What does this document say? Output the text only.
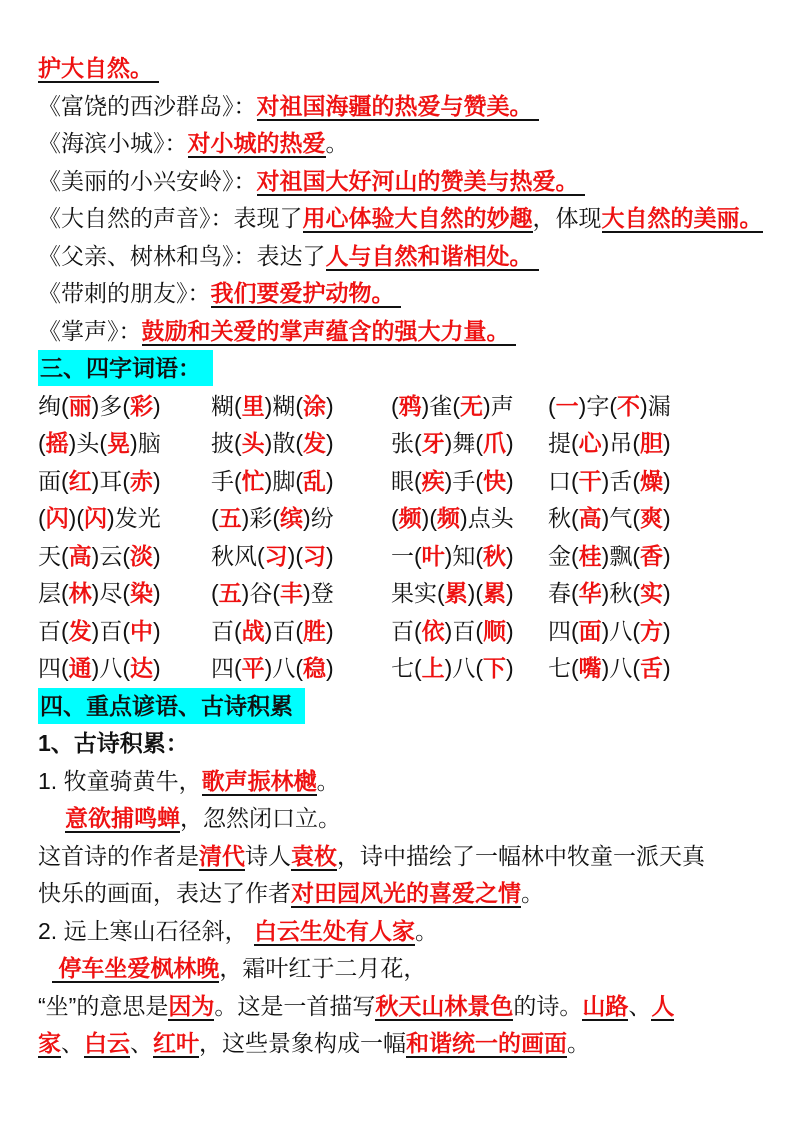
护大自然。
《富饶的西沙群岛》：对祖国海疆的热爱与赞美。
《海滨小城》：对小城的热爱。
《美丽的小兴安岭》：对祖国大好河山的赞美与热爱。
《大自然的声音》：表现了用心体验大自然的妙趣，体现大自然的美丽。
《父亲、树林和鸟》：表达了人与自然和谐相处。
《带刺的朋友》：我们要爱护动物。
《掌声》：鼓励和关爱的掌声蕴含的强大力量。
三、四字词语：
绚(丽)多(彩)	糊(里)糊(涂)	(鸦)雀(无)声	(一)字(不)漏
(摇)头(晃)脑	披(头)散(发)	张(牙)舞(爪)	提(心)吊(胆)
面(红)耳(赤)	手(忙)脚(乱)	眼(疾)手(快)	口(干)舌(燥)
(闪)(闪)发光	(五)彩(缤)纷	(频)(频)点头	秋(高)气(爽)
天(高)云(淡)	秋风(习)(习)	一(叶)知(秋)	金(桂)飘(香)
层(林)尽(染)	(五)谷(丰)登	果实(累)(累)	春(华)秋(实)
百(发)百(中)	百(战)百(胜)	百(依)百(顺)	四(面)八(方)
四(通)八(达)	四(平)八(稳)	七(上)八(下)	七(嘴)八(舌)
四、重点谚语、古诗积累
1、古诗积累：
1. 牧童骑黄牛，歌声振林樾。
意欲捕鸣蝉，忽然闭口立。
这首诗的作者是清代诗人袁枚，诗中描绘了一幅林中牧童一派天真
快乐的画面，表达了作者对田园风光的喜爱之情。
2. 远上寒山石径斜， 白云生处有人家。
停车坐爱枫林晚，霜叶红于二月花，
“坐”的意思是因为。这是一首描写秋天山林景色的诗。山路、人
家、白云、红叶，这些景象构成一幅和谐统一的画面。
